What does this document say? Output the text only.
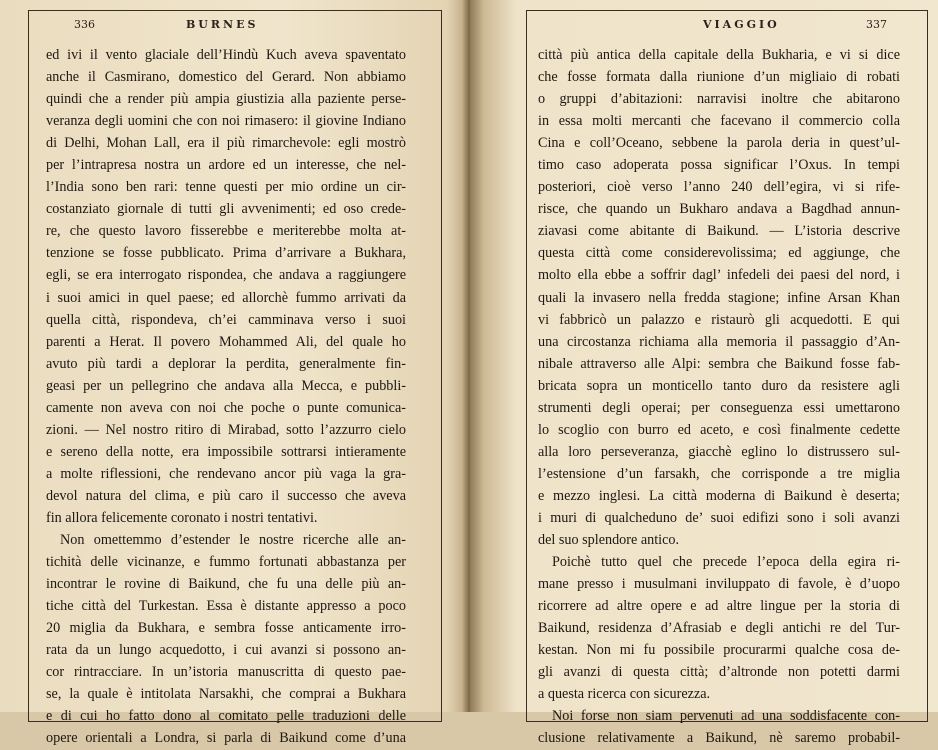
336	BURNES
ed ivi il vento glaciale dell’Hindù Kuch aveva spaventato
anche il Casmirano, domestico del Gerard. Non abbiamo
quindi che a render più ampia giustizia alla paziente perse-
veranza degli uomini che con noi rimasero: il giovine Indiano
di Delhi, Mohan Lall, era il più rimarchevole: egli mostrò
per l’intrapresa nostra un ardore ed un interesse, che nel-
l’India sono ben rari: tenne questi per mio ordine un cir-
costanziato giornale di tutti gli avvenimenti; ed oso crede-
re, che questo lavoro fisserebbe e meriterebbe molta at-
tenzione se fosse pubblicato. Prima d’arrivare a Bukhara,
egli, se era interrogato rispondea, che andava a raggiungere
i suoi amici in quel paese; ed allorchè fummo arrivati da
quella città, rispondeva, ch’ei camminava verso i suoi
parenti a Herat. Il povero Mohammed Ali, del quale ho
avuto più tardi a deplorar la perdita, generalmente fin-
geasi per un pellegrino che andava alla Mecca, e pubbli-
camente non aveva con noi che poche o punte comunica-
zioni. — Nel nostro ritiro di Mirabad, sotto l’azzurro cielo
e sereno della notte, era impossibile sottrarsi intieramente
a molte riflessioni, che rendevano ancor più vaga la gra-
devol natura del clima, e più caro il successo che aveva
fin allora felicemente coronato i nostri tentativi.
Non omettemmo d’estender le nostre ricerche alle an-
tichità delle vicinanze, e fummo fortunati abbastanza per
incontrar le rovine di Baikund, che fu una delle più an-
tiche città del Turkestan. Essa è distante appresso a poco
20 miglia da Bukhara, e sembra fosse anticamente irro-
rata da un lungo acquedotto, i cui avanzi si possono an-
cor rintracciare. In un’istoria manuscritta di questo pae-
se, la quale è intitolata Narsakhi, che comprai a Bukhara
e di cui ho fatto dono al comitato pelle traduzioni delle
opere orientali a Londra, si parla di Baikund come d’una
VIAGGIO	337
città più antica della capitale della Bukharia, e vi si dice
che fosse formata dalla riunione d’un migliaio di robati
o gruppi d’abitazioni: narravisi inoltre che abitarono
in essa molti mercanti che facevano il commercio colla
Cina e coll’Oceano, sebbene la parola deria in quest’ul-
timo caso adoperata possa significar l’Oxus. In tempi
posteriori, cioè verso l’anno 240 dell’egira, vi si rife-
risce, che quando un Bukharo andava a Bagdhad annun-
ziavasi come abitante di Baikund. — L’istoria descrive
questa città come considerevolissima; ed aggiunge, che
molto ella ebbe a soffrir dagl’ infedeli dei paesi del nord, i
quali la invasero nella fredda stagione; infine Arsan Khan
vi fabbricò un palazzo e ristaurò gli acquedotti. E qui
una circostanza richiama alla memoria il passaggio d’An-
nibale attraverso alle Alpi: sembra che Baikund fosse fab-
bricata sopra un monticello tanto duro da resistere agli
strumenti degli operai; per conseguenza essi umettarono
lo scoglio con burro ed aceto, e così finalmente cedette
alla loro perseveranza, giacchè eglino lo distrussero sul-
l’estensione d’un farsakh, che corrisponde a tre miglia
e mezzo inglesi. La città moderna di Baikund è deserta;
i muri di qualcheduno de’ suoi edifizi sono i soli avanzi
del suo splendore antico.
Poichè tutto quel che precede l’epoca della egira ri-
mane presso i musulmani inviluppato di favole, è d’uopo
ricorrere ad altre opere e ad altre lingue per la storia di
Baikund, residenza d’Afrasiab e degli antichi re del Tur-
kestan. Non mi fu possibile procurarmi qualche cosa de-
gli avanzi di questa città; d’altronde non potetti darmi
a questa ricerca con sicurezza.
Noi forse non siam pervenuti ad una soddisfacente con-
clusione relativamente a Baikund, nè saremo probabil-
